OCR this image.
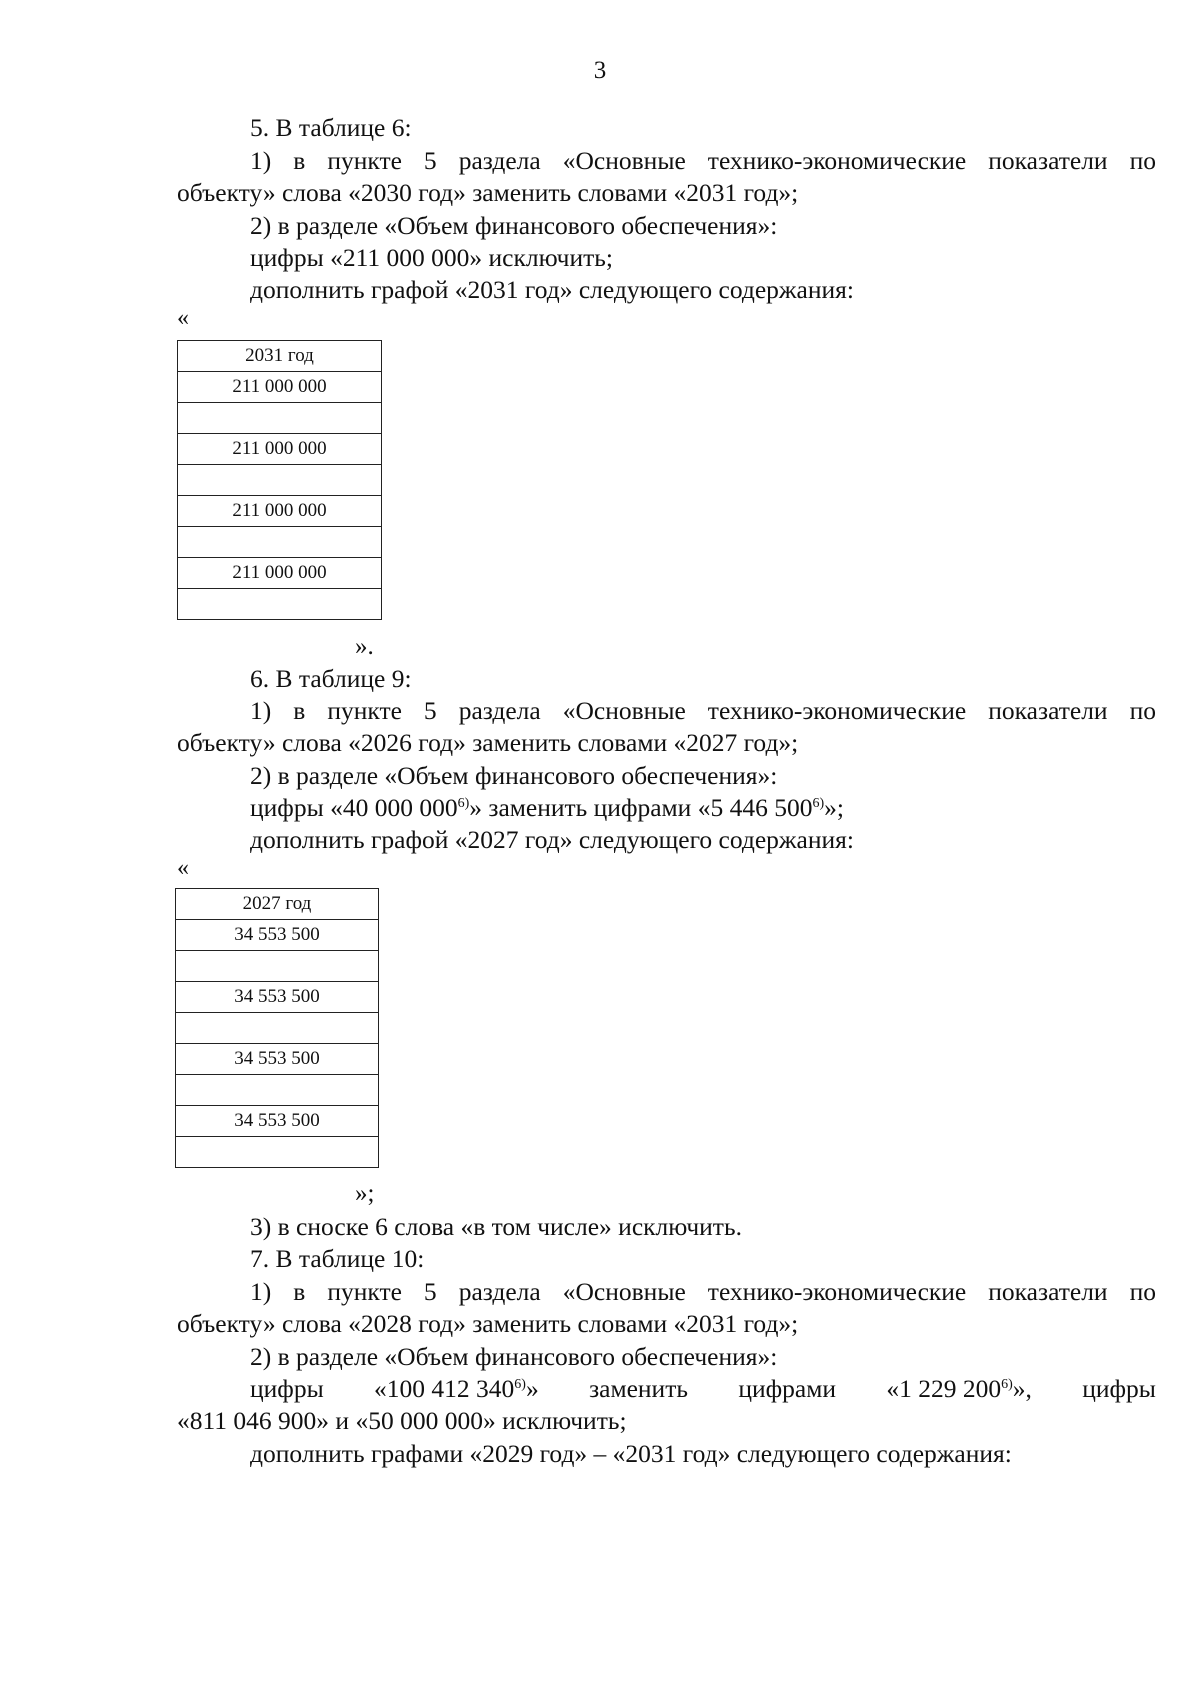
3
5. В таблице 6:
1) в пункте 5 раздела «Основные технико-экономические показатели по
объекту» слова «2030 год» заменить словами «2031 год»;
2) в разделе «Объем финансового обеспечения»:
цифры «211 000 000» исключить;
дополнить графой «2031 год» следующего содержания:
«
2031 год
211 000 000

211 000 000

211 000 000

211 000 000

».
6. В таблице 9:
1) в пункте 5 раздела «Основные технико-экономические показатели по
объекту» слова «2026 год» заменить словами «2027 год»;
2) в разделе «Объем финансового обеспечения»:
цифры «40 000 000$^{6)}$» заменить цифрами «5 446 500$^{6)}$»;
дополнить графой «2027 год» следующего содержания:
«
2027 год
34 553 500

34 553 500

34 553 500

34 553 500

»;
3) в сноске 6 слова «в том числе» исключить.
7. В таблице 10:
1) в пункте 5 раздела «Основные технико-экономические показатели по
объекту» слова «2028 год» заменить словами «2031 год»;
2) в разделе «Объем финансового обеспечения»:
цифры «100 412 340$^{6)}$» заменить цифрами «1 229 200$^{6)}$», цифры
«811 046 900» и «50 000 000» исключить;
дополнить графами «2029 год» – «2031 год» следующего содержания:
